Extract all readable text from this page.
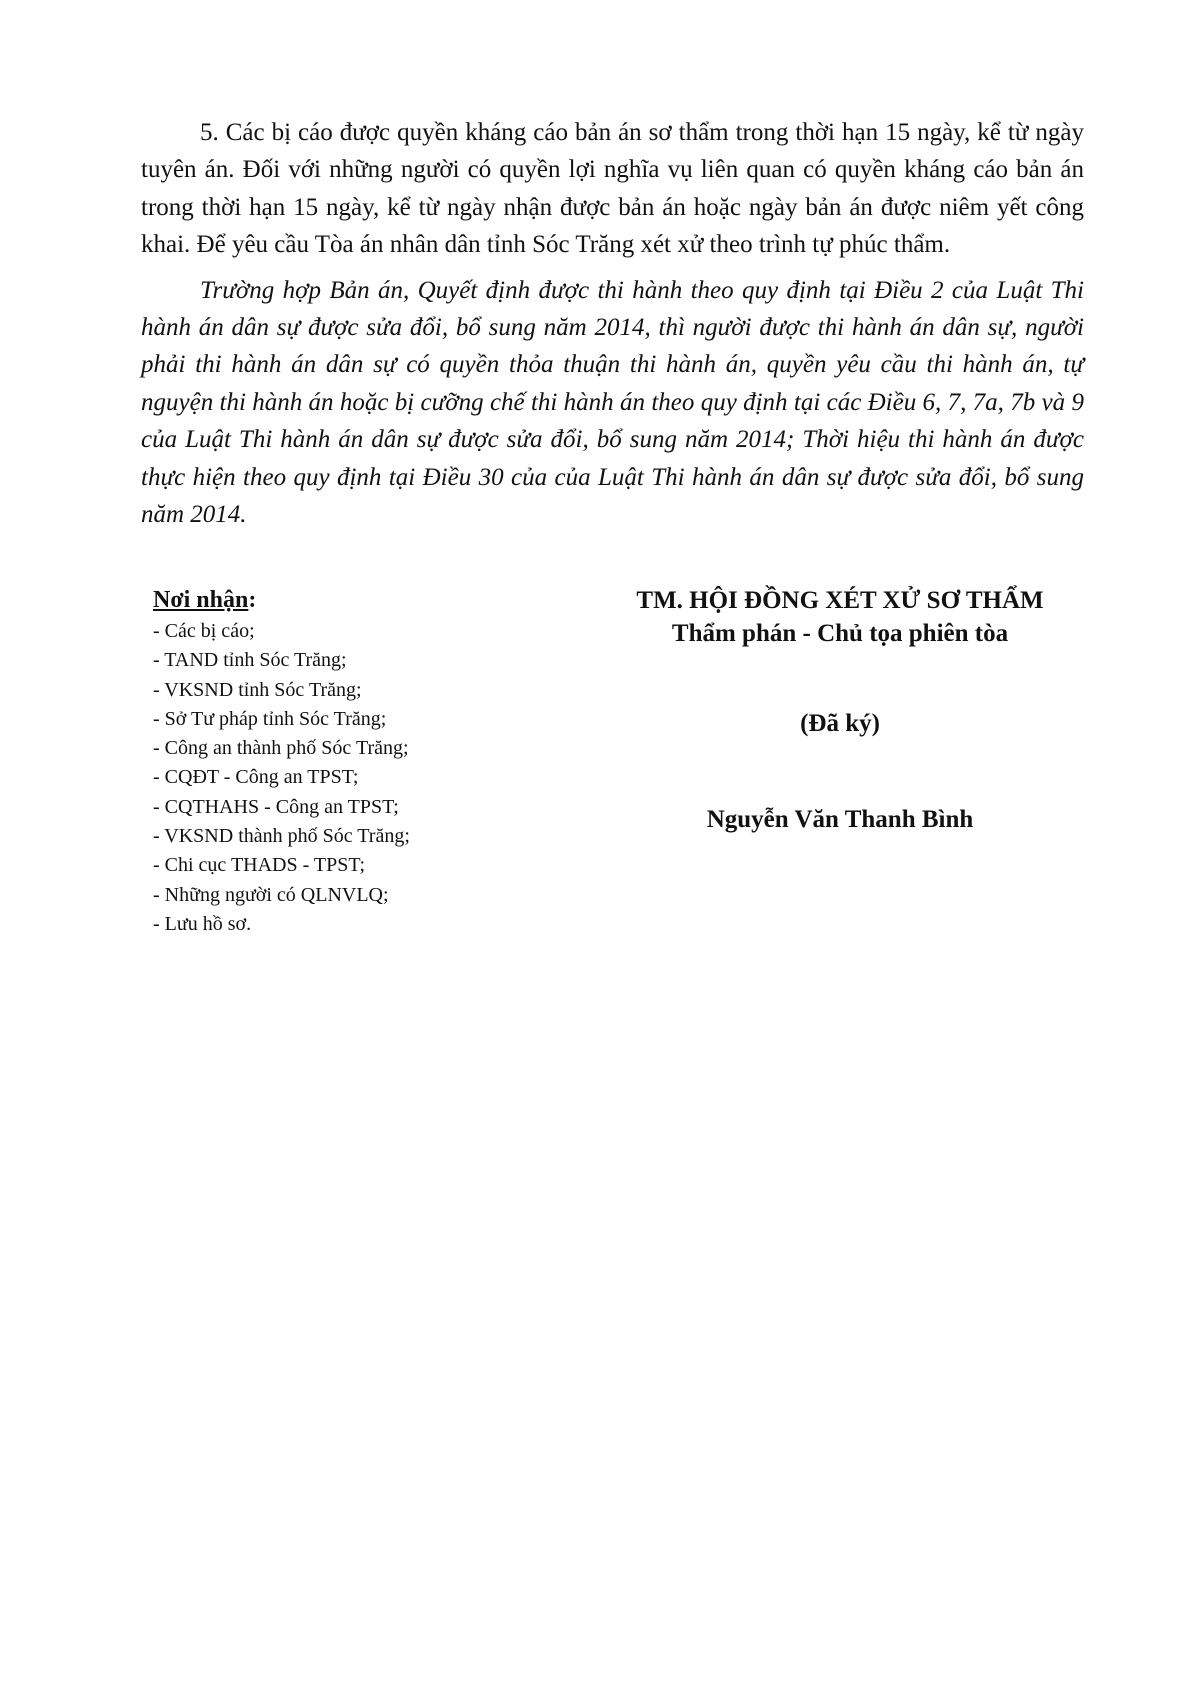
5. Các bị cáo được quyền kháng cáo bản án sơ thẩm trong thời hạn 15 ngày, kể từ ngày tuyên án. Đối với những người có quyền lợi nghĩa vụ liên quan có quyền kháng cáo bản án trong thời hạn 15 ngày, kể từ ngày nhận được bản án hoặc ngày bản án được niêm yết công khai. Để yêu cầu Tòa án nhân dân tỉnh Sóc Trăng xét xử theo trình tự phúc thẩm.

Trường hợp Bản án, Quyết định được thi hành theo quy định tại Điều 2 của Luật Thi hành án dân sự được sửa đổi, bổ sung năm 2014, thì người được thi hành án dân sự, người phải thi hành án dân sự có quyền thỏa thuận thi hành án, quyền yêu cầu thi hành án, tự nguyện thi hành án hoặc bị cưỡng chế thi hành án theo quy định tại các Điều 6, 7, 7a, 7b và 9 của Luật Thi hành án dân sự được sửa đổi, bổ sung năm 2014; Thời hiệu thi hành án được thực hiện theo quy định tại Điều 30 của của Luật Thi hành án dân sự được sửa đổi, bổ sung năm 2014.

Nơi nhận:

- Các bị cáo;
- TAND tỉnh Sóc Trăng;
- VKSND tỉnh Sóc Trăng;
- Sở Tư pháp tỉnh Sóc Trăng;
- Công an thành phố Sóc Trăng;
- CQĐT - Công an TPST;
- CQTHAHS - Công an TPST;
- VKSND thành phố Sóc Trăng;
- Chi cục THADS - TPST;
- Những người có QLNVLQ;
- Lưu hồ sơ.

TM. HỘI ĐỒNG XÉT XỬ SƠ THẨM

Thẩm phán - Chủ tọa phiên tòa

(Đã ký)

Nguyễn Văn Thanh Bình
